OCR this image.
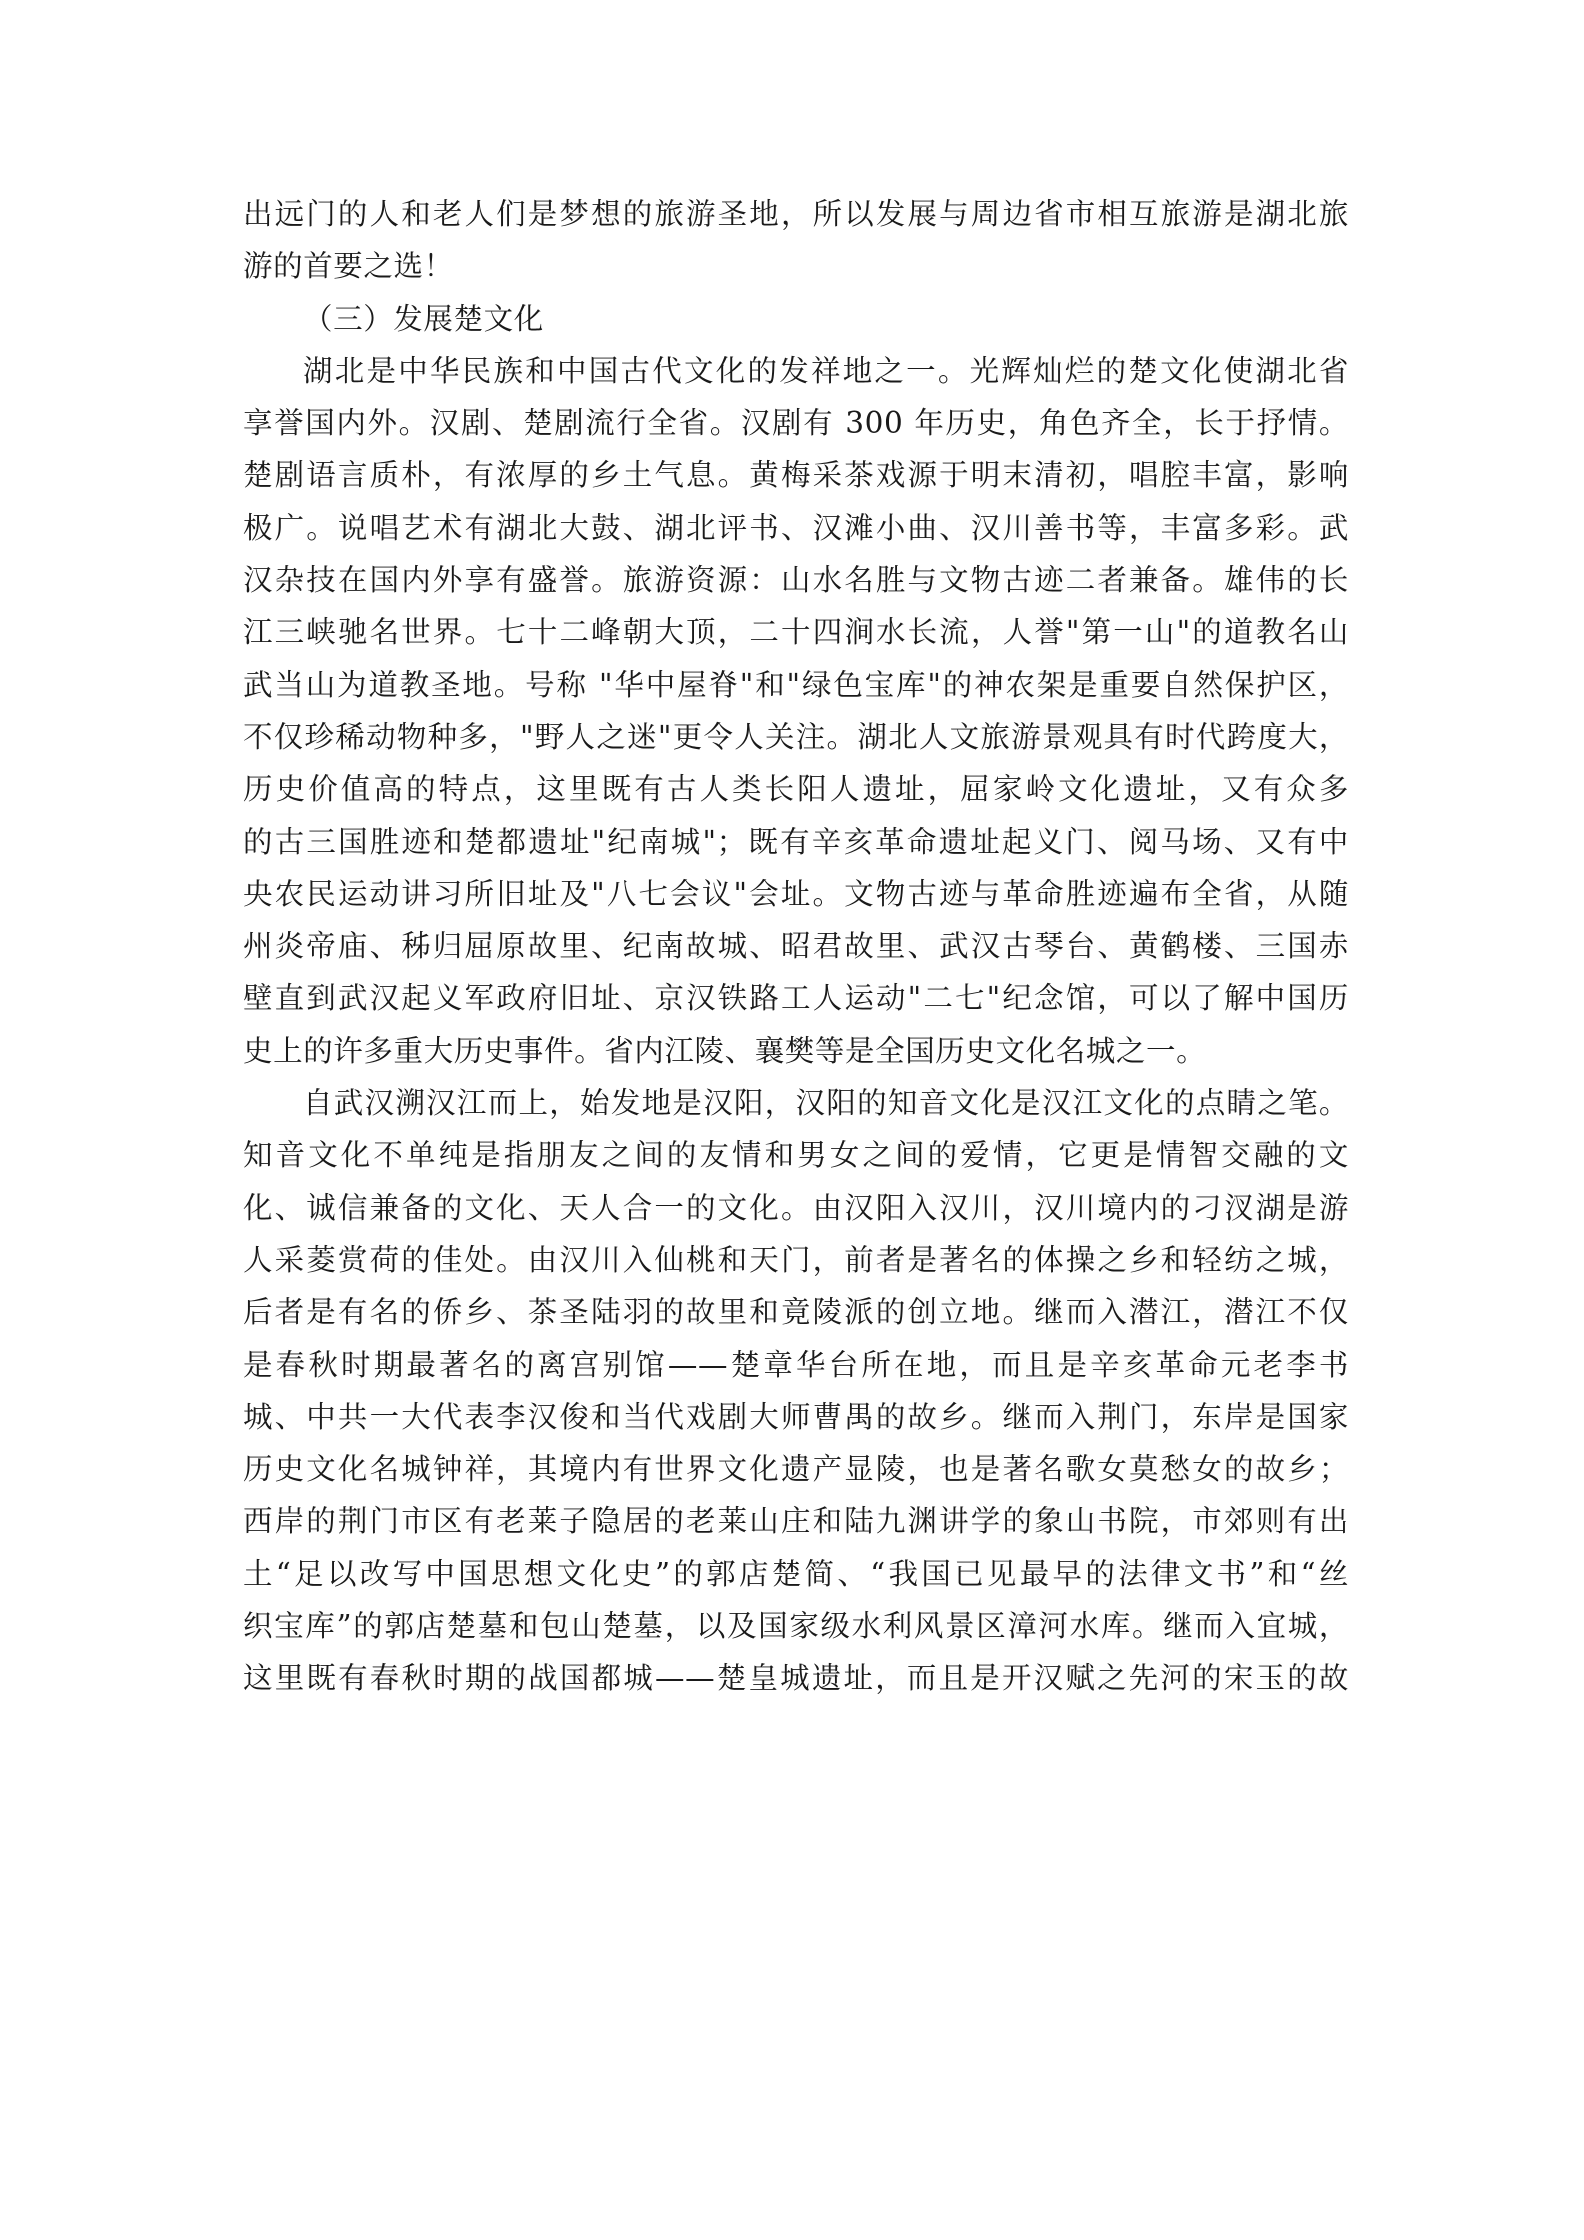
出远门的人和老人们是梦想的旅游圣地，所以发展与周边省市相互旅游是湖北旅
游的首要之选！
（三）发展楚文化
湖北是中华民族和中国古代文化的发祥地之一。光辉灿烂的楚文化使湖北省
享誉国内外。汉剧、楚剧流行全省。汉剧有 300 年历史，角色齐全，长于抒情。
楚剧语言质朴，有浓厚的乡土气息。黄梅采茶戏源于明末清初，唱腔丰富，影响
极广。说唱艺术有湖北大鼓、湖北评书、汉滩小曲、汉川善书等，丰富多彩。武
汉杂技在国内外享有盛誉。旅游资源：山水名胜与文物古迹二者兼备。雄伟的长
江三峡驰名世界。七十二峰朝大顶，二十四涧水长流，人誉"第一山"的道教名山
武当山为道教圣地。号称 "华中屋脊"和"绿色宝库"的神农架是重要自然保护区，
不仅珍稀动物种多，"野人之迷"更令人关注。湖北人文旅游景观具有时代跨度大，
历史价值高的特点，这里既有古人类长阳人遗址，屈家岭文化遗址，又有众多
的古三国胜迹和楚都遗址"纪南城"；既有辛亥革命遗址起义门、阅马场、又有中
央农民运动讲习所旧址及"八七会议"会址。文物古迹与革命胜迹遍布全省，从随
州炎帝庙、秭归屈原故里、纪南故城、昭君故里、武汉古琴台、黄鹤楼、三国赤
壁直到武汉起义军政府旧址、京汉铁路工人运动"二七"纪念馆，可以了解中国历
史上的许多重大历史事件。省内江陵、襄樊等是全国历史文化名城之一。
自武汉溯汉江而上，始发地是汉阳，汉阳的知音文化是汉江文化的点睛之笔。
知音文化不单纯是指朋友之间的友情和男女之间的爱情，它更是情智交融的文
化、诚信兼备的文化、天人合一的文化。由汉阳入汉川，汉川境内的刁汊湖是游
人采菱赏荷的佳处。由汉川入仙桃和天门，前者是著名的体操之乡和轻纺之城，
后者是有名的侨乡、茶圣陆羽的故里和竟陵派的创立地。继而入潜江，潜江不仅
是春秋时期最著名的离宫别馆——楚章华台所在地，而且是辛亥革命元老李书
城、中共一大代表李汉俊和当代戏剧大师曹禺的故乡。继而入荆门，东岸是国家
历史文化名城钟祥，其境内有世界文化遗产显陵，也是著名歌女莫愁女的故乡；
西岸的荆门市区有老莱子隐居的老莱山庄和陆九渊讲学的象山书院，市郊则有出
土“足以改写中国思想文化史”的郭店楚简、“我国已见最早的法律文书”和“丝
织宝库”的郭店楚墓和包山楚墓，以及国家级水利风景区漳河水库。继而入宜城，
这里既有春秋时期的战国都城——楚皇城遗址，而且是开汉赋之先河的宋玉的故
